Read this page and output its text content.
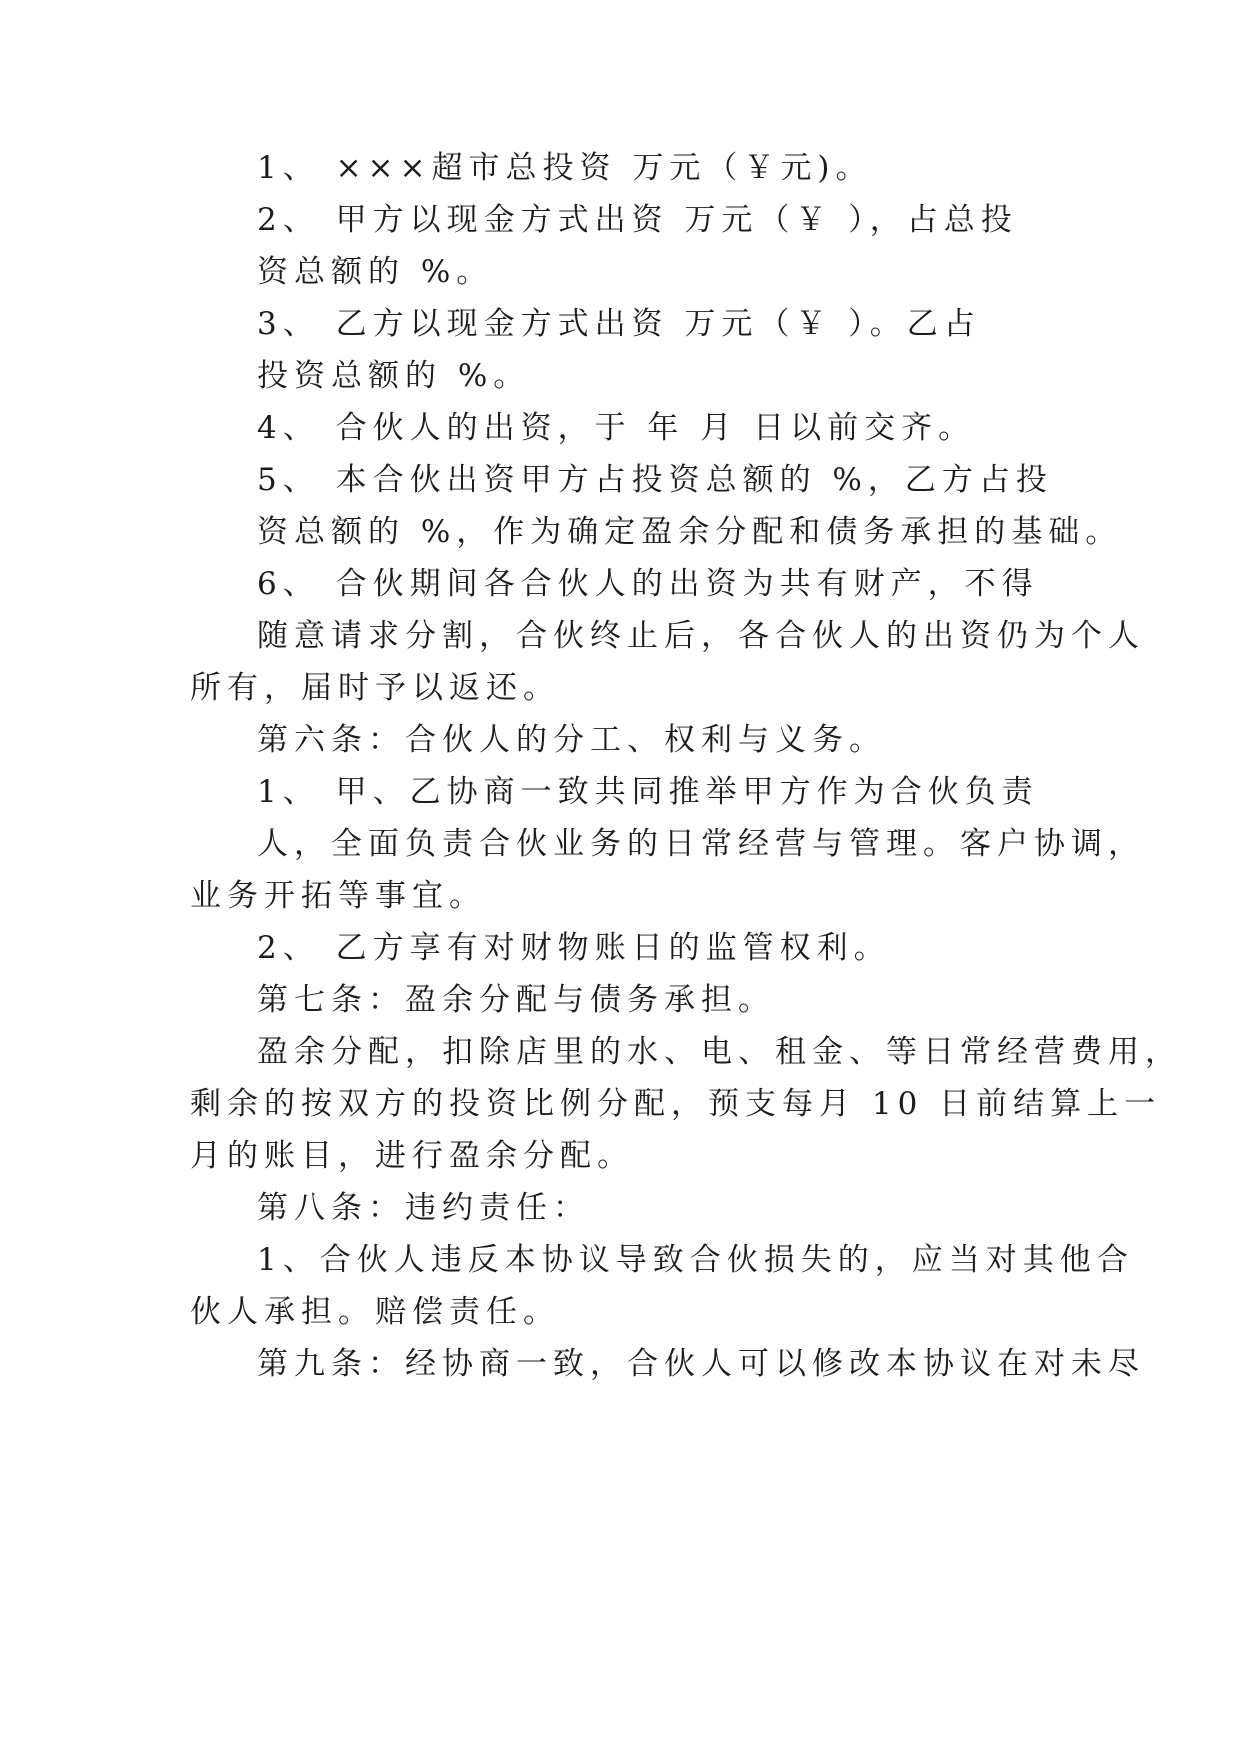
1、 ×××超市总投资 万元（￥元)。
2、 甲方以现金方式出资 万元（￥ ），占总投
资总额的 %。
3、 乙方以现金方式出资 万元（￥ ）。乙占
投资总额的 %。
4、 合伙人的出资，于 年 月 日以前交齐。
5、 本合伙出资甲方占投资总额的 %，乙方占投
资总额的 %，作为确定盈余分配和债务承担的基础。
6、 合伙期间各合伙人的出资为共有财产，不得
随意请求分割，合伙终止后，各合伙人的出资仍为个人
所有，届时予以返还。
第六条：合伙人的分工、权利与义务。
1、 甲、乙协商一致共同推举甲方作为合伙负责
人，全面负责合伙业务的日常经营与管理。客户协调，
业务开拓等事宜。
2、 乙方享有对财物账日的监管权利。
第七条：盈余分配与债务承担。
盈余分配，扣除店里的水、电、租金、等日常经营费用，
剩余的按双方的投资比例分配，预支每月 10 日前结算上一
月的账目，进行盈余分配。
第八条：违约责任：
1、合伙人违反本协议导致合伙损失的，应当对其他合
伙人承担。赔偿责任。
第九条：经协商一致，合伙人可以修改本协议在对未尽
